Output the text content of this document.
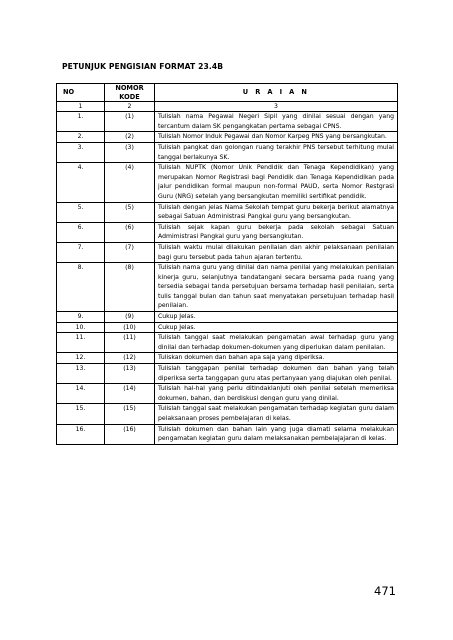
PETUNJUK PENGISIAN FORMAT 23.4B
NO	NOMOR KODE	U R A I A N
1	2	3
1.	(1)	Tulislah nama Pegawai Negeri Sipil yang dinilai sesuai dengan yang tercantum dalam SK pengangkatan pertama sebagai CPNS.
2.	(2)	Tulislah Nomor Induk Pegawai dan Nomor Karpeg PNS yang bersangkutan.
3.	(3)	Tulislah pangkat dan golongan ruang terakhir PNS tersebut terhitung mulai tanggal berlakunya SK.
4.	(4)	Tulislah NUPTK (Nomor Unik Pendidik dan Tenaga Kependidikan) yang merupakan Nomor Registrasi bagi Pendidik dan Tenaga Kependidikan pada jalur pendidikan formal maupun non-formal PAUD, serta Nomor Restgrasi Guru (NRG) setelah yang bersangkutan memiliki sertifikat pendidik.
5.	(5)	Tulislah dengan jelas Nama Sekolah tempat guru bekerja berikut alamatnya sebagai Satuan Administrasi Pangkal guru yang bersangkutan.
6.	(6)	Tulislah sejak kapan guru bekerja pada sekolah sebagai Satuan Admimistrasi Pangkal guru yang bersangkutan.
7.	(7)	Tulislah waktu mulai dilakukan penilaian dan akhir pelaksanaan penilaian bagi guru tersebut pada tahun ajaran tertentu.
8.	(8)	Tulislah nama guru yang dinilai dan nama penilai yang melakukan penilaian kinerja guru, selanjutnya tandatangani secara bersama pada ruang yang tersedia sebagai tanda persetujuan bersama terhadap hasil penilaian, serta tulis tanggal bulan dan tahun saat menyatakan persetujuan terhadap hasil penilaian.
9.	(9)	Cukup Jelas.
10.	(10)	Cukup Jelas.
11.	(11)	Tulislah tanggal saat melakukan pengamatan awal terhadap guru yang dinilai dan terhadap dokumen-dokumen yang diperlukan dalam penilaian.
12.	(12)	Tuliskan dokumen dan bahan apa saja yang diperiksa.
13.	(13)	Tulislah tanggapan penilai terhadap dokumen dan bahan yang telah diperiksa serta tanggapan guru atas pertanyaan yang diajukan oleh penilai.
14.	(14)	Tulislah hal-hal yang perlu ditindaklanjuti oleh penilai setelah memeriksa dokumen, bahan, dan berdiskusi dengan guru yang dinilai.
15.	(15)	Tulislah tanggal saat melakukan pengamatan terhadap kegiatan guru dalam pelaksanaan proses pembelajaran di kelas.
16.	(16)	Tulislah dokumen dan bahan lain yang juga diamati selama melakukan pengamatan kegiatan guru dalam melaksanakan pembelajajaran di kelas.
471
